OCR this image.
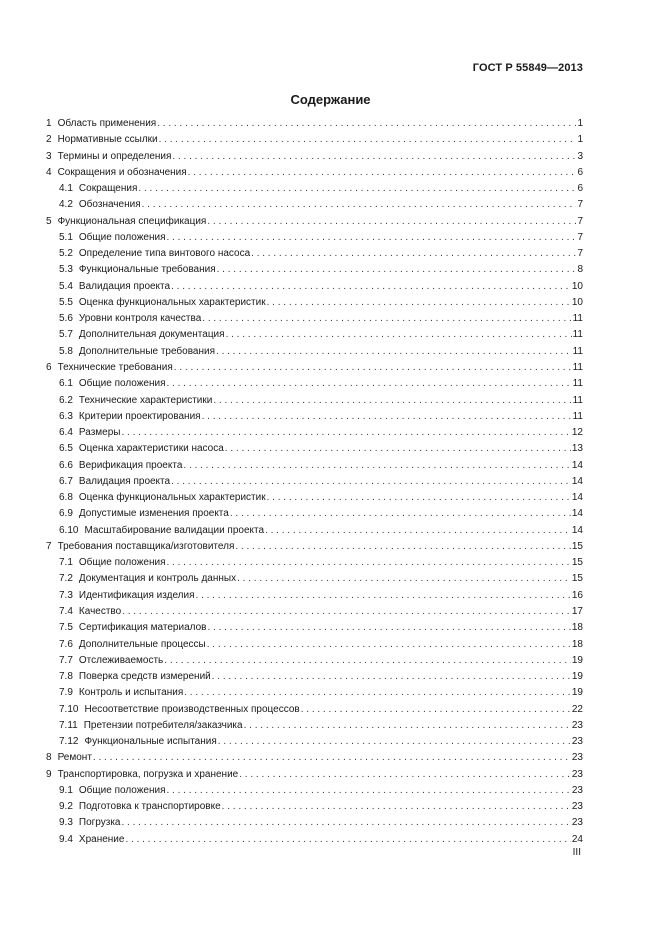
ГОСТ Р 55849—2013
Содержание
1 Область применения . . .	1
2 Нормативные ссылки . . .	1
3 Термины и определения . . .	3
4 Сокращения и обозначения . . .	6
4.1 Сокращения . . .	6
4.2 Обозначения . . .	7
5 Функциональная спецификация . . .	7
5.1 Общие положения . . .	7
5.2 Определение типа винтового насоса . . .	7
5.3 Функциональные требования . . .	8
5.4 Валидация проекта . . .	10
5.5 Оценка функциональных характеристик . . .	10
5.6 Уровни контроля качества . . .	11
5.7 Дополнительная документация . . .	11
5.8 Дополнительные требования . . .	11
6 Технические требования . . .	11
6.1 Общие положения . . .	11
6.2 Технические характеристики . . .	11
6.3 Критерии проектирования . . .	11
6.4 Размеры . . .	12
6.5 Оценка характеристики насоса . . .	13
6.6 Верификация проекта . . .	14
6.7 Валидация проекта . . .	14
6.8 Оценка функциональных характеристик . . .	14
6.9 Допустимые изменения проекта . . .	14
6.10 Масштабирование валидации проекта . . .	14
7 Требования поставщика/изготовителя . . .	15
7.1 Общие положения . . .	15
7.2 Документация и контроль данных . . .	15
7.3 Идентификация изделия . . .	16
7.4 Качество . . .	17
7.5 Сертификация материалов . . .	18
7.6 Дополнительные процессы . . .	18
7.7 Отслеживаемость . . .	19
7.8 Поверка средств измерений . . .	19
7.9 Контроль и испытания . . .	19
7.10 Несоответствие производственных процессов . . .	22
7.11 Претензии потребителя/заказчика . . .	23
7.12 Функциональные испытания . . .	23
8 Ремонт . . .	23
9 Транспортировка, погрузка и хранение . . .	23
9.1 Общие положения . . .	23
9.2 Подготовка к транспортировке . . .	23
9.3 Погрузка . . .	23
9.4 Хранение . . .	24
III
